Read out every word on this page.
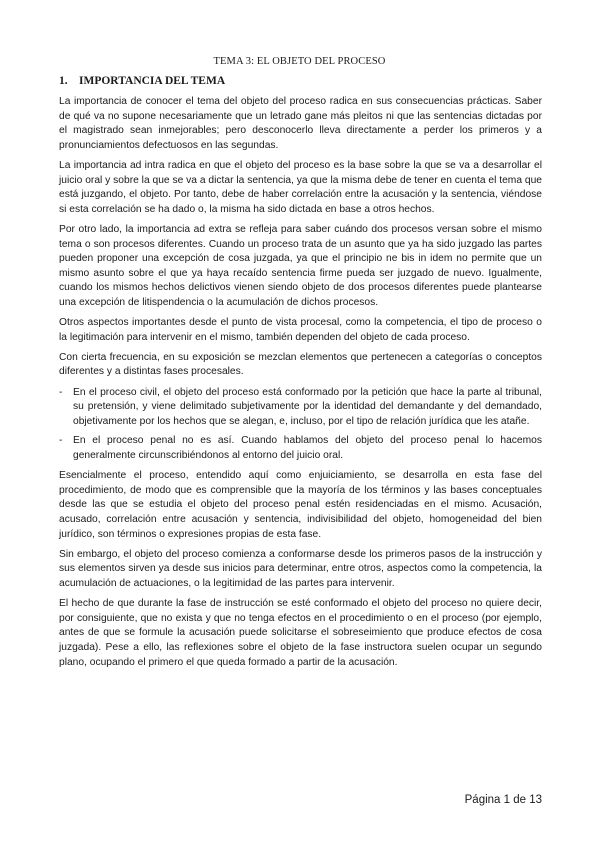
TEMA 3: EL OBJETO DEL PROCESO
1. IMPORTANCIA DEL TEMA

La importancia de conocer el tema del objeto del proceso radica en sus consecuencias prácticas. Saber de qué va no supone necesariamente que un letrado gane más pleitos ni que las sentencias dictadas por el magistrado sean inmejorables; pero desconocerlo lleva directamente a perder los primeros y a pronunciamientos defectuosos en las segundas.

La importancia ad intra radica en que el objeto del proceso es la base sobre la que se va a desarrollar el juicio oral y sobre la que se va a dictar la sentencia, ya que la misma debe de tener en cuenta el tema que está juzgando, el objeto. Por tanto, debe de haber correlación entre la acusación y la sentencia, viéndose si esta correlación se ha dado o, la misma ha sido dictada en base a otros hechos.

Por otro lado, la importancia ad extra se refleja para saber cuándo dos procesos versan sobre el mismo tema o son procesos diferentes. Cuando un proceso trata de un asunto que ya ha sido juzgado las partes pueden proponer una excepción de cosa juzgada, ya que el principio ne bis in idem no permite que un mismo asunto sobre el que ya haya recaído sentencia firme pueda ser juzgado de nuevo. Igualmente, cuando los mismos hechos delictivos vienen siendo objeto de dos procesos diferentes puede plantearse una excepción de litispendencia o la acumulación de dichos procesos.

Otros aspectos importantes desde el punto de vista procesal, como la competencia, el tipo de proceso o la legitimación para intervenir en el mismo, también dependen del objeto de cada proceso.

Con cierta frecuencia, en su exposición se mezclan elementos que pertenecen a categorías o conceptos diferentes y a distintas fases procesales.

- En el proceso civil, el objeto del proceso está conformado por la petición que hace la parte al tribunal, su pretensión, y viene delimitado subjetivamente por la identidad del demandante y del demandado, objetivamente por los hechos que se alegan, e, incluso, por el tipo de relación jurídica que les atañe.
- En el proceso penal no es así. Cuando hablamos del objeto del proceso penal lo hacemos generalmente circunscribiéndonos al entorno del juicio oral.

Esencialmente el proceso, entendido aquí como enjuiciamiento, se desarrolla en esta fase del procedimiento, de modo que es comprensible que la mayoría de los términos y las bases conceptuales desde las que se estudia el objeto del proceso penal estén residenciadas en el mismo. Acusación, acusado, correlación entre acusación y sentencia, indivisibilidad del objeto, homogeneidad del bien jurídico, son términos o expresiones propias de esta fase.

Sin embargo, el objeto del proceso comienza a conformarse desde los primeros pasos de la instrucción y sus elementos sirven ya desde sus inicios para determinar, entre otros, aspectos como la competencia, la acumulación de actuaciones, o la legitimidad de las partes para intervenir.

El hecho de que durante la fase de instrucción se esté conformado el objeto del proceso no quiere decir, por consiguiente, que no exista y que no tenga efectos en el procedimiento o en el proceso (por ejemplo, antes de que se formule la acusación puede solicitarse el sobreseimiento que produce efectos de cosa juzgada). Pese a ello, las reflexiones sobre el objeto de la fase instructora suelen ocupar un segundo plano, ocupando el primero el que queda formado a partir de la acusación.

Página 1 de 13
